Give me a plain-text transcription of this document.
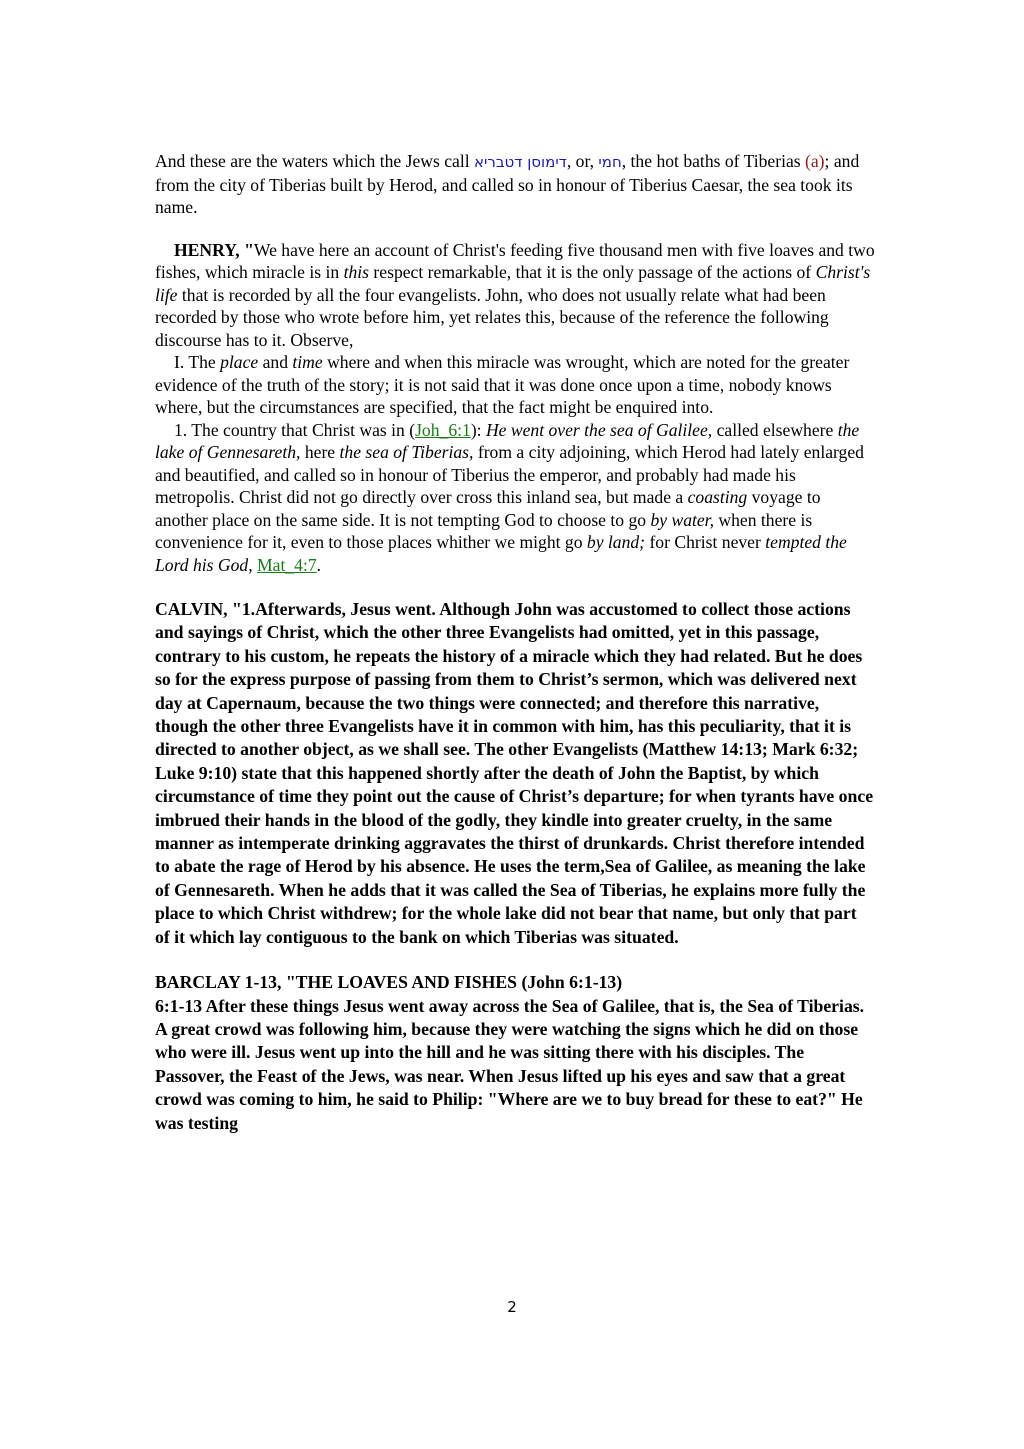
And these are the waters which the Jews call דימוסן דטבריא, or, חמי, the hot baths of Tiberias (a); and from the city of Tiberias built by Herod, and called so in honour of Tiberius Caesar, the sea took its name.

HENRY, "We have here an account of Christ's feeding five thousand men with five loaves and two fishes, which miracle is in this respect remarkable, that it is the only passage of the actions of Christ's life that is recorded by all the four evangelists. John, who does not usually relate what had been recorded by those who wrote before him, yet relates this, because of the reference the following discourse has to it. Observe,

I. The place and time where and when this miracle was wrought, which are noted for the greater evidence of the truth of the story; it is not said that it was done once upon a time, nobody knows where, but the circumstances are specified, that the fact might be enquired into.

1. The country that Christ was in (Joh_6:1): He went over the sea of Galilee, called elsewhere the lake of Gennesareth, here the sea of Tiberias, from a city adjoining, which Herod had lately enlarged and beautified, and called so in honour of Tiberius the emperor, and probably had made his metropolis. Christ did not go directly over cross this inland sea, but made a coasting voyage to another place on the same side. It is not tempting God to choose to go by water, when there is convenience for it, even to those places whither we might go by land; for Christ never tempted the Lord his God, Mat_4:7.

CALVIN, "1.Afterwards, Jesus went. Although John was accustomed to collect those actions and sayings of Christ, which the other three Evangelists had omitted, yet in this passage, contrary to his custom, he repeats the history of a miracle which they had related. But he does so for the express purpose of passing from them to Christ’s sermon, which was delivered next day at Capernaum, because the two things were connected; and therefore this narrative, though the other three Evangelists have it in common with him, has this peculiarity, that it is directed to another object, as we shall see. The other Evangelists (Matthew 14:13; Mark 6:32; Luke 9:10) state that this happened shortly after the death of John the Baptist, by which circumstance of time they point out the cause of Christ’s departure; for when tyrants have once imbrued their hands in the blood of the godly, they kindle into greater cruelty, in the same manner as intemperate drinking aggravates the thirst of drunkards. Christ therefore intended to abate the rage of Herod by his absence. He uses the term,Sea of Galilee, as meaning the lake of Gennesareth. When he adds that it was called the Sea of Tiberias, he explains more fully the place to which Christ withdrew; for the whole lake did not bear that name, but only that part of it which lay contiguous to the bank on which Tiberias was situated.

BARCLAY 1-13, "THE LOAVES AND FISHES (John 6:1-13)

6:1-13 After these things Jesus went away across the Sea of Galilee, that is, the Sea of Tiberias. A great crowd was following him, because they were watching the signs which he did on those who were ill. Jesus went up into the hill and he was sitting there with his disciples. The Passover, the Feast of the Jews, was near. When Jesus lifted up his eyes and saw that a great crowd was coming to him, he said to Philip: "Where are we to buy bread for these to eat?" He was testing

2
